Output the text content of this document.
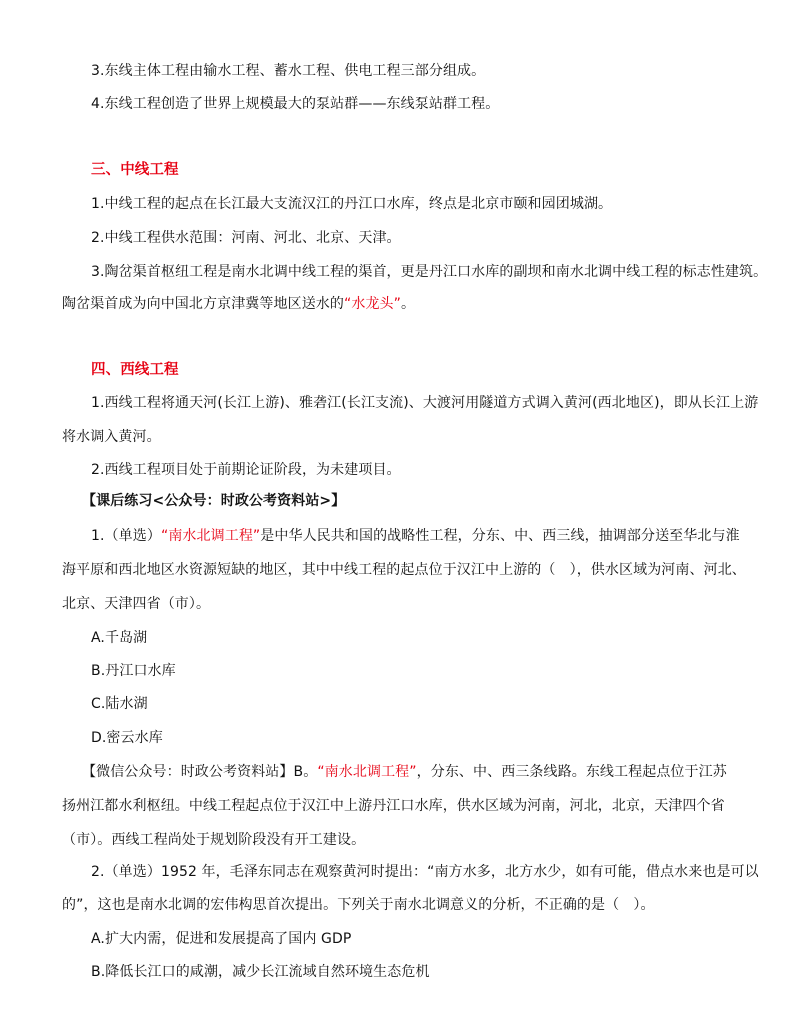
3.东线主体工程由输水工程、蓄水工程、供电工程三部分组成。
4.东线工程创造了世界上规模最大的泵站群——东线泵站群工程。
三、中线工程
1.中线工程的起点在长江最大支流汉江的丹江口水库，终点是北京市颐和园团城湖。
2.中线工程供水范围：河南、河北、北京、天津。
3.陶岔渠首枢纽工程是南水北调中线工程的渠首，更是丹江口水库的副坝和南水北调中线工程的标志性建筑。
陶岔渠首成为向中国北方京津冀等地区送水的“水龙头”。
四、西线工程
1.西线工程将通天河(长江上游)、雅砻江(长江支流)、大渡河用隧道方式调入黄河(西北地区)，即从长江上游
将水调入黄河。
2.西线工程项目处于前期论证阶段，为未建项目。
【课后练习<公众号：时政公考资料站>】
1.（单选）“南水北调工程”是中华人民共和国的战略性工程，分东、中、西三线，抽调部分送至华北与淮
海平原和西北地区水资源短缺的地区，其中中线工程的起点位于汉江中上游的（　），供水区域为河南、河北、
北京、天津四省（市）。
A.千岛湖
B.丹江口水库
C.陆水湖
D.密云水库
【微信公众号：时政公考资料站】B。“南水北调工程”，分东、中、西三条线路。东线工程起点位于江苏
扬州江都水利枢纽。中线工程起点位于汉江中上游丹江口水库，供水区域为河南，河北，北京，天津四个省
（市）。西线工程尚处于规划阶段没有开工建设。
2.（单选）1952 年，毛泽东同志在观察黄河时提出：“南方水多，北方水少，如有可能，借点水来也是可以
的”，这也是南水北调的宏伟构思首次提出。下列关于南水北调意义的分析，不正确的是（　）。
A.扩大内需，促进和发展提高了国内 GDP
B.降低长江口的咸潮，减少长江流域自然环境生态危机
